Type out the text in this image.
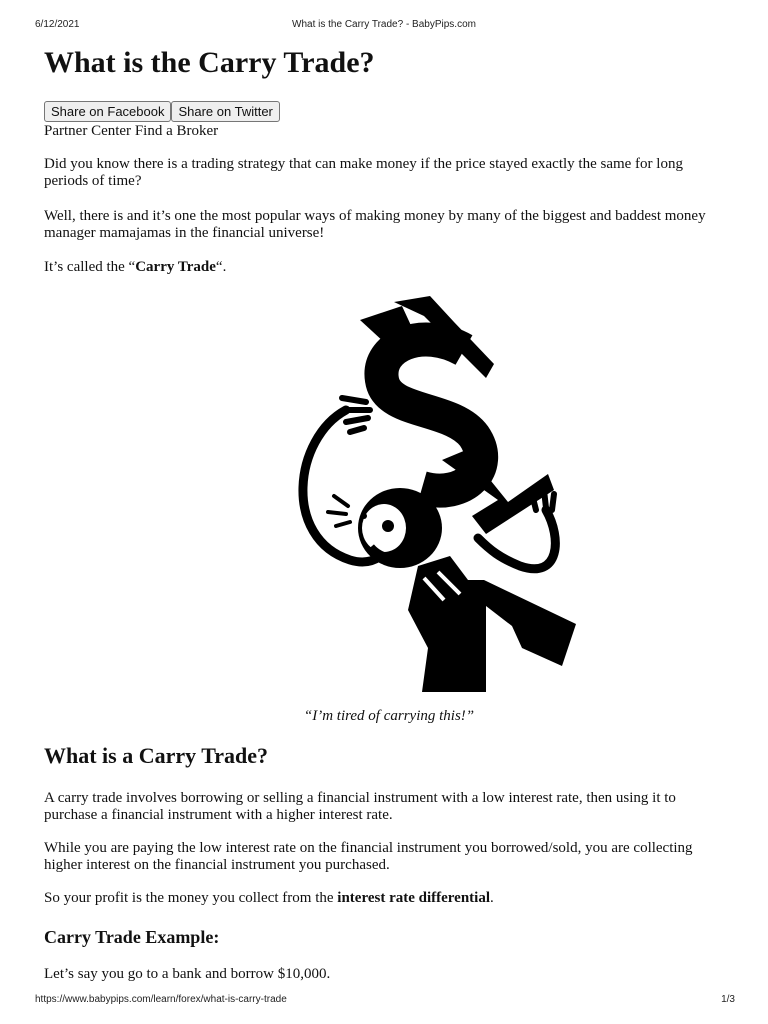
6/12/2021	What is the Carry Trade? - BabyPips.com
What is the Carry Trade?
Share on Facebook	Share on Twitter
Partner Center Find a Broker

Did you know there is a trading strategy that can make money if the price stayed exactly the same for long periods of time?

Well, there is and it’s one the most popular ways of making money by many of the biggest and baddest money manager mamajamas in the financial universe!

It’s called the “Carry Trade“.

“I’m tired of carrying this!”
What is a Carry Trade?

A carry trade involves borrowing or selling a financial instrument with a low interest rate, then using it to purchase a financial instrument with a higher interest rate.

While you are paying the low interest rate on the financial instrument you borrowed/sold, you are collecting higher interest on the financial instrument you purchased.

So your profit is the money you collect from the interest rate differential.

Carry Trade Example:

Let’s say you go to a bank and borrow $10,000.

https://www.babypips.com/learn/forex/what-is-carry-trade	1/3
